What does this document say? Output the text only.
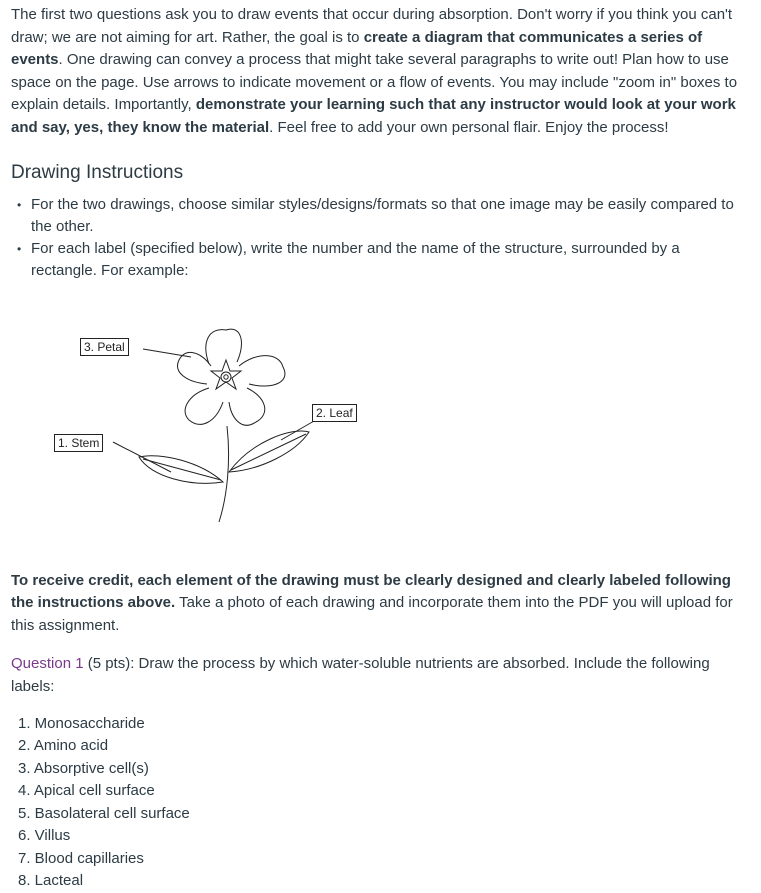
The first two questions ask you to draw events that occur during absorption. Don't worry if you think you can't draw; we are not aiming for art. Rather, the goal is to create a diagram that communicates a series of events. One drawing can convey a process that might take several paragraphs to write out! Plan how to use space on the page. Use arrows to indicate movement or a flow of events. You may include "zoom in" boxes to explain details. Importantly, demonstrate your learning such that any instructor would look at your work and say, yes, they know the material. Feel free to add your own personal flair. Enjoy the process!

Drawing Instructions
• For the two drawings, choose similar styles/designs/formats so that one image may be easily compared to the other.
• For each label (specified below), write the number and the name of the structure, surrounded by a rectangle. For example:
3. Petal
2. Leaf
1. Stem

To receive credit, each element of the drawing must be clearly designed and clearly labeled following the instructions above. Take a photo of each drawing and incorporate them into the PDF you will upload for this assignment.

Question 1 (5 pts): Draw the process by which water-soluble nutrients are absorbed. Include the following labels:

1. Monosaccharide
2. Amino acid
3. Absorptive cell(s)
4. Apical cell surface
5. Basolateral cell surface
6. Villus
7. Blood capillaries
8. Lacteal
